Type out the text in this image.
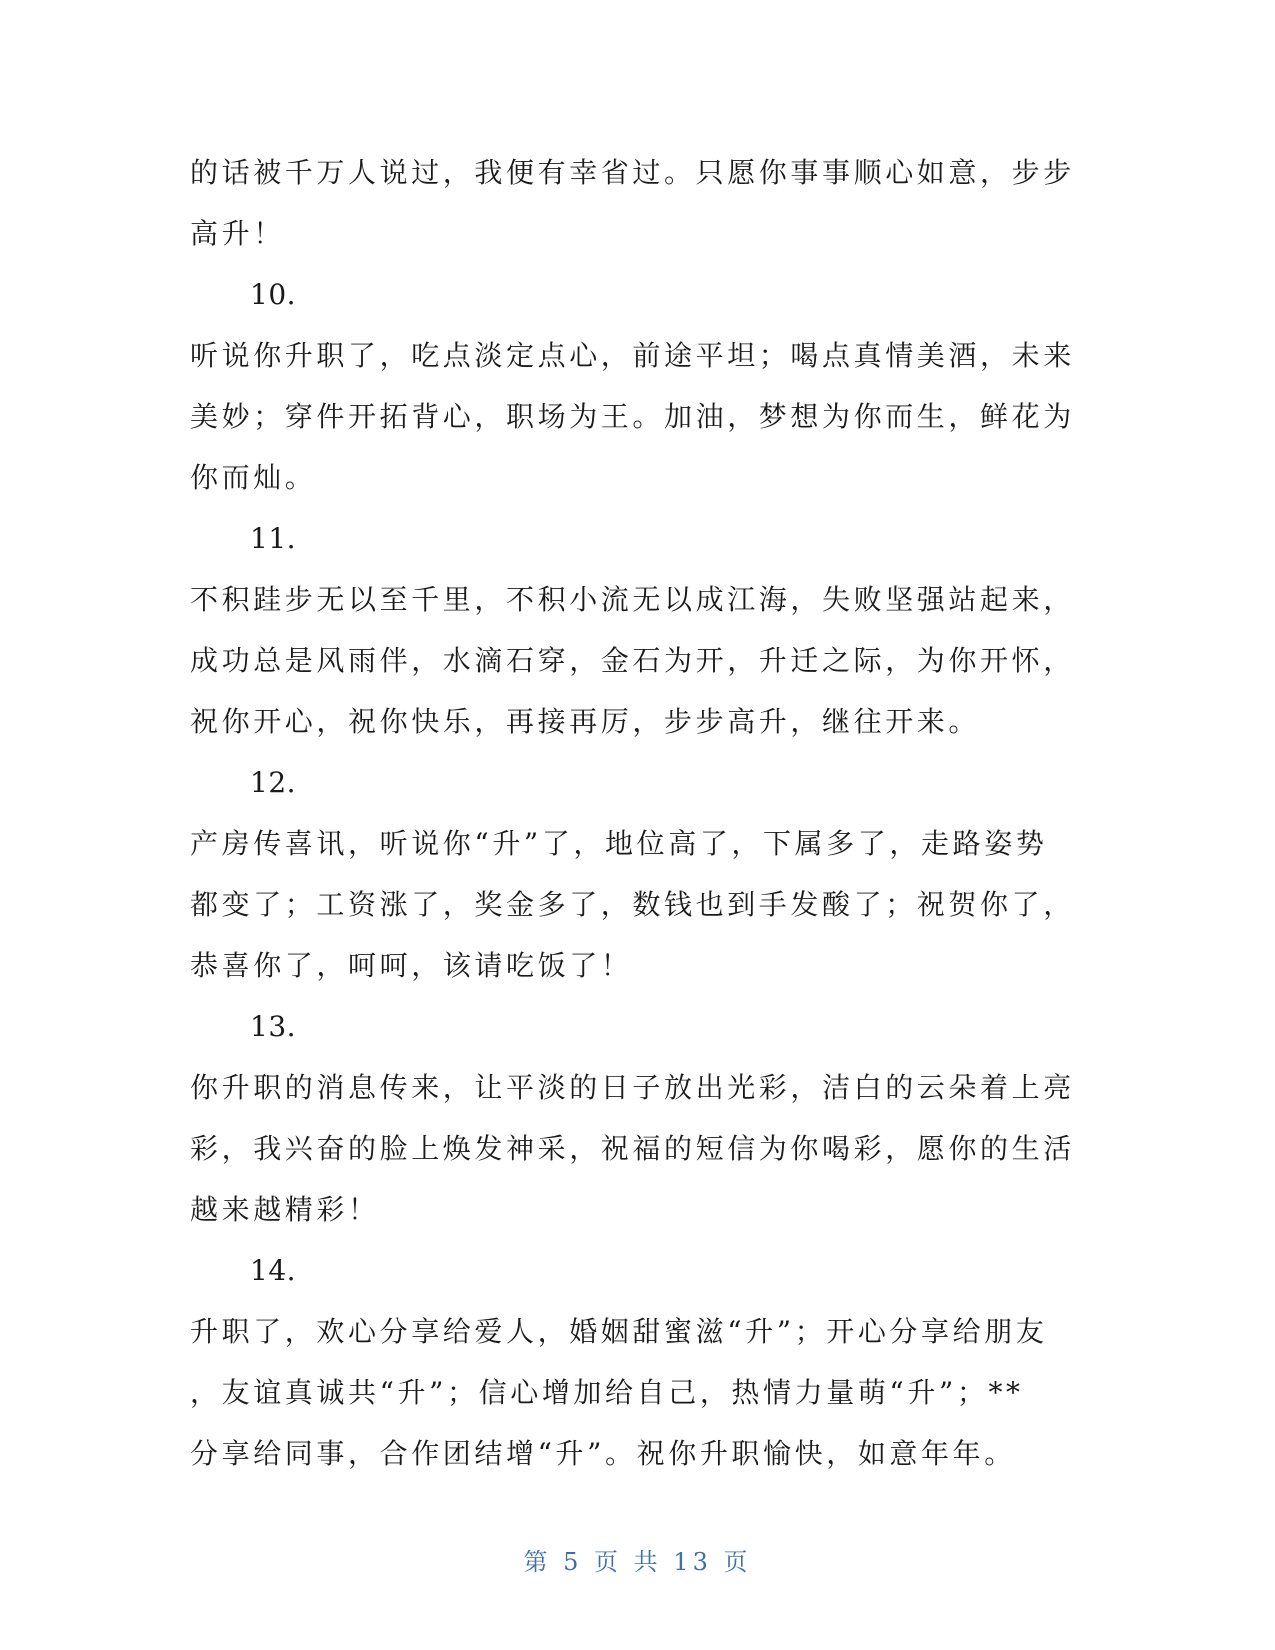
的话被千万人说过，我便有幸省过。只愿你事事顺心如意，步步
高升！
10.
听说你升职了，吃点淡定点心，前途平坦；喝点真情美酒，未来
美妙；穿件开拓背心，职场为王。加油，梦想为你而生，鲜花为
你而灿。
11.
不积跬步无以至千里，不积小流无以成江海，失败坚强站起来，
成功总是风雨伴，水滴石穿，金石为开，升迁之际，为你开怀，
祝你开心，祝你快乐，再接再厉，步步高升，继往开来。
12.
产房传喜讯，听说你“升”了，地位高了，下属多了，走路姿势
都变了；工资涨了，奖金多了，数钱也到手发酸了；祝贺你了，
恭喜你了，呵呵，该请吃饭了！
13.
你升职的消息传来，让平淡的日子放出光彩，洁白的云朵着上亮
彩，我兴奋的脸上焕发神采，祝福的短信为你喝彩，愿你的生活
越来越精彩！
14.
升职了，欢心分享给爱人，婚姻甜蜜滋“升”；开心分享给朋友
，友谊真诚共“升”；信心增加给自己，热情力量萌“升”；**
分享给同事，合作团结增“升”。祝你升职愉快，如意年年。
第 5 页 共 13 页
